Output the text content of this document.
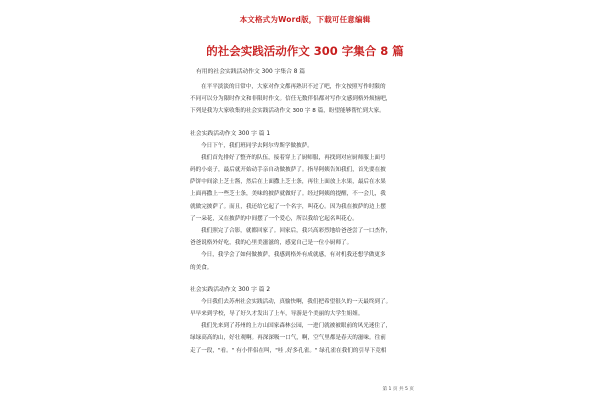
本文格式为Word版，下载可任意编辑
的社会实践活动作文 300 字集合 8 篇
有用的社会实践活动作文 300 字集合 8 篇

在平平淡淡的日常中，大家对作文都再熟识不过了吧，作文按照写作时限的

不同可以分为限时作文和非限时作文。信任无数伴侣都对写作文感到格外烦恼吧，

下列是我为大家收集的社会实践活动作文 300 字 8 篇，盼望能够帮忙到大家。

社会实践活动作文 300 字 篇 1

今日下午，我们班同学去阿尔卑斯学做披萨。

我们首先排好了整齐的队伍，接着穿上了厨师服，再找到对应厨师服上面号

码的小桌子，最后就开始动手亲自动做披萨了。指导阿姨告知我们，首先要在披

萨饼中间涂上芝士酱，然后在上面撒上芝士条，再往上面放上水果，最后在水果

上面再撒上一些芝士条，美味的披萨就做好了。经过阿姨的提醒，不一会儿，我

就做完披萨了。而且，我还给它起了一个名字，叫花心。因为我在披萨的边上摆

了一朵花，又在披萨的中间摆了一个爱心，所以我给它起名叫花心。

我们照完了合影，就都回家了。回家后，我兴高彩烈地给爸爸尝了一口杰作，

爸爸说格外好吃，我的心里美滋滋的，感觉自己是一位小厨师了。

今日，我学会了如何做披萨，我感到格外有成就感，有对机我还想学做更多

的美食。

社会实践活动作文 300 字 篇 2

今日我们去苏州社会实践活动，真愉快啊，我们把希望很久的一天最终到了。

早早来到学校，导了好久才发出了上车，导游是个美丽的大学生姐姐。

我们先来到了苏州的上方山国家森林公园，一进门就被被眼前的风光迷住了，

绿绿高高的山，好壮观啊。再深深吸一口气，啊，空气里都是春天的滋味。往前

走了一段，"看。" 有小伴侣在叫，"哇 ,好多孔雀。" 绿孔雀在我们的引导下竞相

第 1 页 共 5 页
